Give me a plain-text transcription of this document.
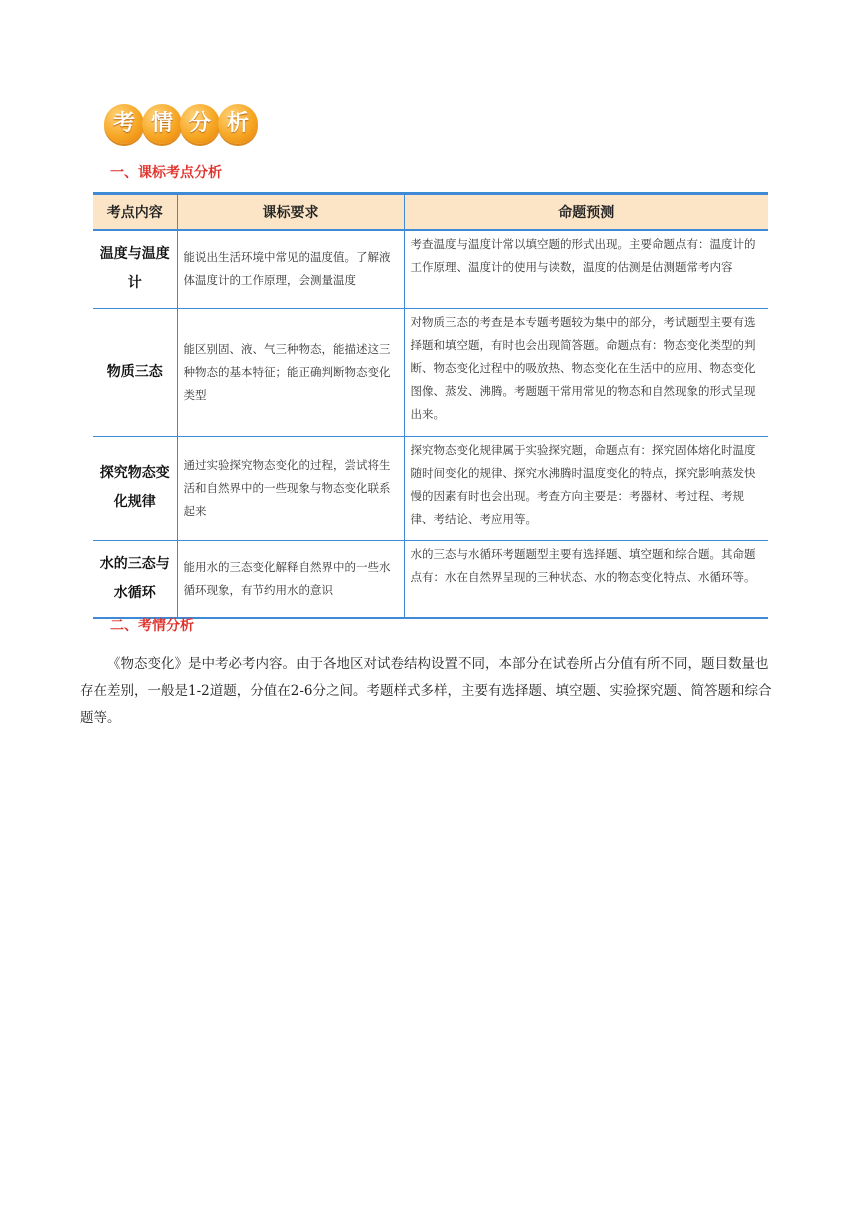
考 情 分 析
一、课标考点分析
考点内容	课标要求	命题预测
温度与温度计	能说出生活环境中常见的温度值。了解液体温度计的工作原理，会测量温度	考查温度与温度计常以填空题的形式出现。主要命题点有：温度计的工作原理、温度计的使用与读数，温度的估测是估测题常考内容
物质三态	能区别固、液、气三种物态，能描述这三种物态的基本特征；能正确判断物态变化类型	对物质三态的考查是本专题考题较为集中的部分，考试题型主要有选择题和填空题，有时也会出现简答题。命题点有：物态变化类型的判断、物态变化过程中的吸放热、物态变化在生活中的应用、物态变化图像、蒸发、沸腾。考题题干常用常见的物态和自然现象的形式呈现出来。
探究物态变化规律	通过实验探究物态变化的过程，尝试将生活和自然界中的一些现象与物态变化联系起来	探究物态变化规律属于实验探究题，命题点有：探究固体熔化时温度随时间变化的规律、探究水沸腾时温度变化的特点，探究影响蒸发快慢的因素有时也会出现。考查方向主要是：考器材、考过程、考规律、考结论、考应用等。
水的三态与水循环	能用水的三态变化解释自然界中的一些水循环现象，有节约用水的意识	水的三态与水循环考题题型主要有选择题、填空题和综合题。其命题点有：水在自然界呈现的三种状态、水的物态变化特点、水循环等。
二、考情分析

《物态变化》是中考必考内容。由于各地区对试卷结构设置不同，本部分在试卷所占分值有所不同，题目数量也存在差别，一般是1-2道题，分值在2-6分之间。考题样式多样，主要有选择题、填空题、实验探究题、简答题和综合题等。
